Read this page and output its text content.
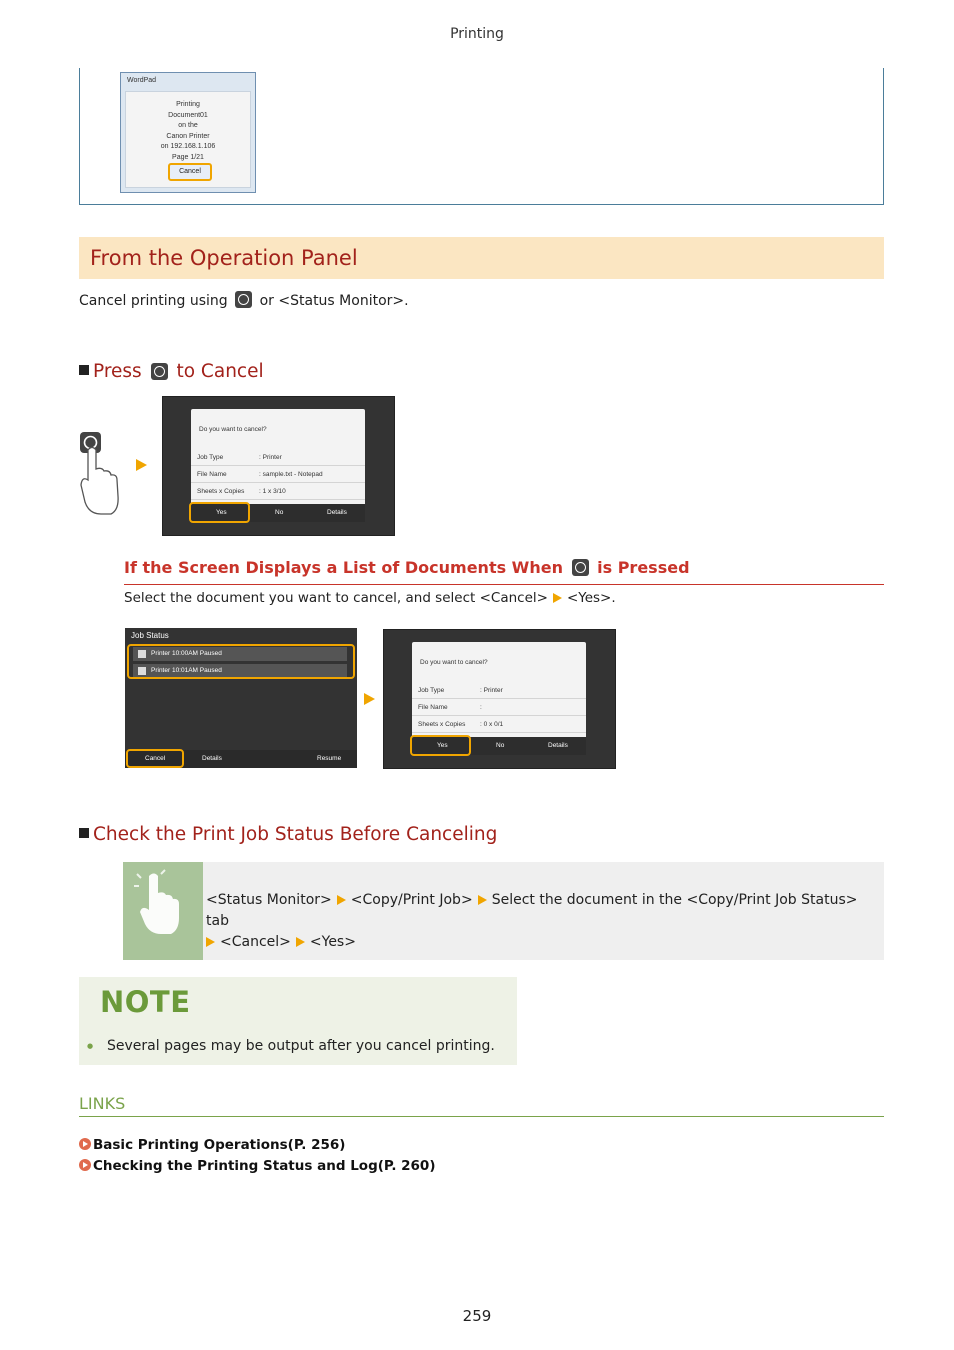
Printing
WordPad
Printing
Document01
on the
Canon Printer
on 192.168.1.106
Page 1/21
Cancel
From the Operation Panel
Cancel printing using or <Status Monitor>.
Press to Cancel
Do you want to cancel?
Job Type	: Printer
File Name	: sample.txt - Notepad
Sheets x Copies : 1 x 3/10
Yes	No	Details
If the Screen Displays a List of Documents When is Pressed
Select the document you want to cancel, and select <Cancel> <Yes>.
Job Status
Printer 10:00AM Paused
Printer 10:01AM Paused
Cancel	Details	Resume
Do you want to cancel?
Job Type	: Printer
File Name	:
Sheets x Copies : 0 x 0/1
Yes	No	Details
Check the Print Job Status Before Canceling
<Status Monitor> <Copy/Print Job> Select the document in the <Copy/Print Job Status> tab
<Cancel> <Yes>
NOTE
● Several pages may be output after you cancel printing.
LINKS
Basic Printing Operations(P. 256)
Checking the Printing Status and Log(P. 260)
259
